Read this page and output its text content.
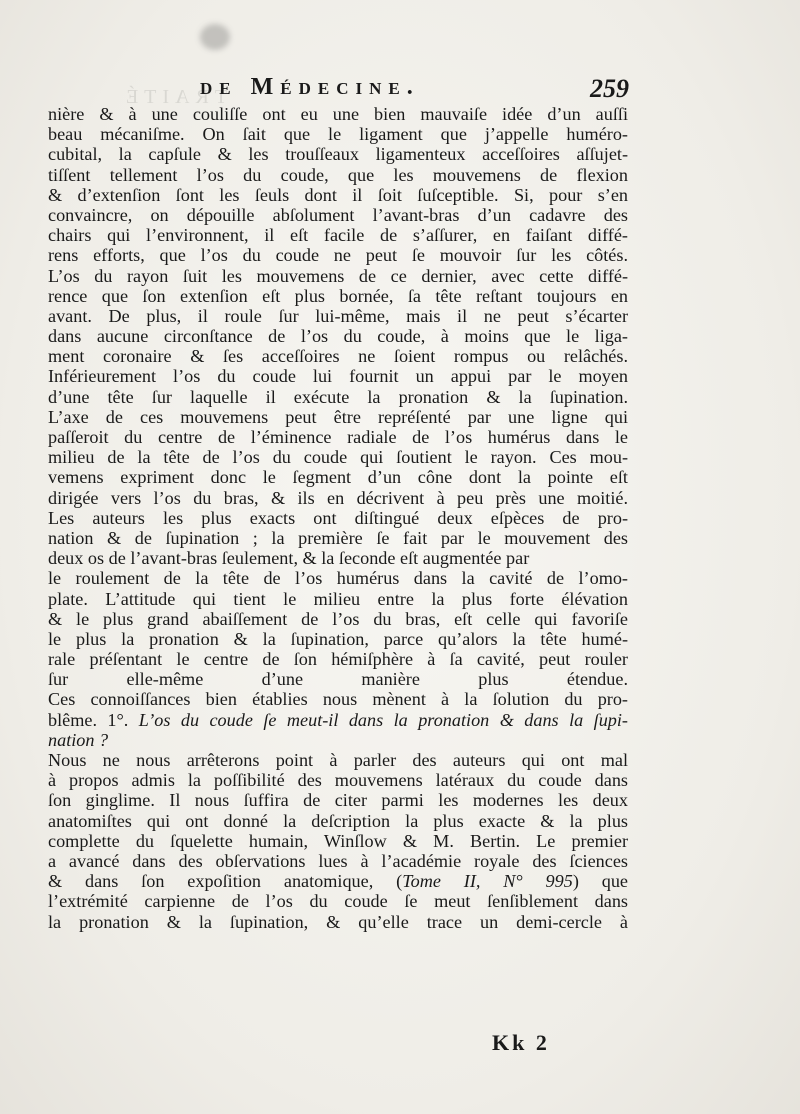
TRAITÉ
de Médecine.	259
nière & à une couliſſe ont eu une bien mauvaiſe idée d’un auſſi
beau mécaniſme. On ſait que le ligament que j’appelle huméro-
cubital, la capſule & les trouſſeaux ligamenteux acceſſoires aſſujet-
tiſſent tellement l’os du coude, que les mouvemens de flexion
& d’extenſion ſont les ſeuls dont il ſoit ſuſceptible. Si, pour s’en
convaincre, on dépouille abſolument l’avant-bras d’un cadavre des
chairs qui l’environnent, il eſt facile de s’aſſurer, en faiſant diffé-
rens efforts, que l’os du coude ne peut ſe mouvoir ſur les côtés.
L’os du rayon ſuit les mouvemens de ce dernier, avec cette diffé-
rence que ſon extenſion eſt plus bornée, ſa tête reſtant toujours en
avant. De plus, il roule ſur lui-même, mais il ne peut s’écarter
dans aucune circonſtance de l’os du coude, à moins que le liga-
ment coronaire & ſes acceſſoires ne ſoient rompus ou relâchés.
Inférieurement l’os du coude lui fournit un appui par le moyen
d’une tête ſur laquelle il exécute la pronation & la ſupination.
L’axe de ces mouvemens peut être repréſenté par une ligne qui
paſſeroit du centre de l’éminence radiale de l’os humérus dans le
milieu de la tête de l’os du coude qui ſoutient le rayon. Ces mou-
vemens expriment donc le ſegment d’un cône dont la pointe eſt
dirigée vers l’os du bras, & ils en décrivent à peu près une moitié.
Les auteurs les plus exacts ont diſtingué deux eſpèces de pro-
nation & de ſupination ; la première ſe fait par le mouvement des
deux os de l’avant-bras ſeulement, & la ſeconde eſt augmentée par
le roulement de la tête de l’os humérus dans la cavité de l’omo-
plate. L’attitude qui tient le milieu entre la plus forte élévation
& le plus grand abaiſſement de l’os du bras, eſt celle qui favoriſe
le plus la pronation & la ſupination, parce qu’alors la tête humé-
rale préſentant le centre de ſon hémiſphère à ſa cavité, peut rouler
ſur elle-même d’une manière plus étendue.
Ces connoiſſances bien établies nous mènent à la ſolution du pro-
blême. 1°. L’os du coude ſe meut-il dans la pronation & dans la ſupi-
nation ?
Nous ne nous arrêterons point à parler des auteurs qui ont mal
à propos admis la poſſibilité des mouvemens latéraux du coude dans
ſon ginglime. Il nous ſuffira de citer parmi les modernes les deux
anatomiſtes qui ont donné la deſcription la plus exacte & la plus
complette du ſquelette humain, Winſlow & M. Bertin. Le premier
a avancé dans des obſervations lues à l’académie royale des ſciences
& dans ſon expoſition anatomique, (Tome II, N° 995) que
l’extrémité carpienne de l’os du coude ſe meut ſenſiblement dans
la pronation & la ſupination, & qu’elle trace un demi-cercle à
Kk 2
